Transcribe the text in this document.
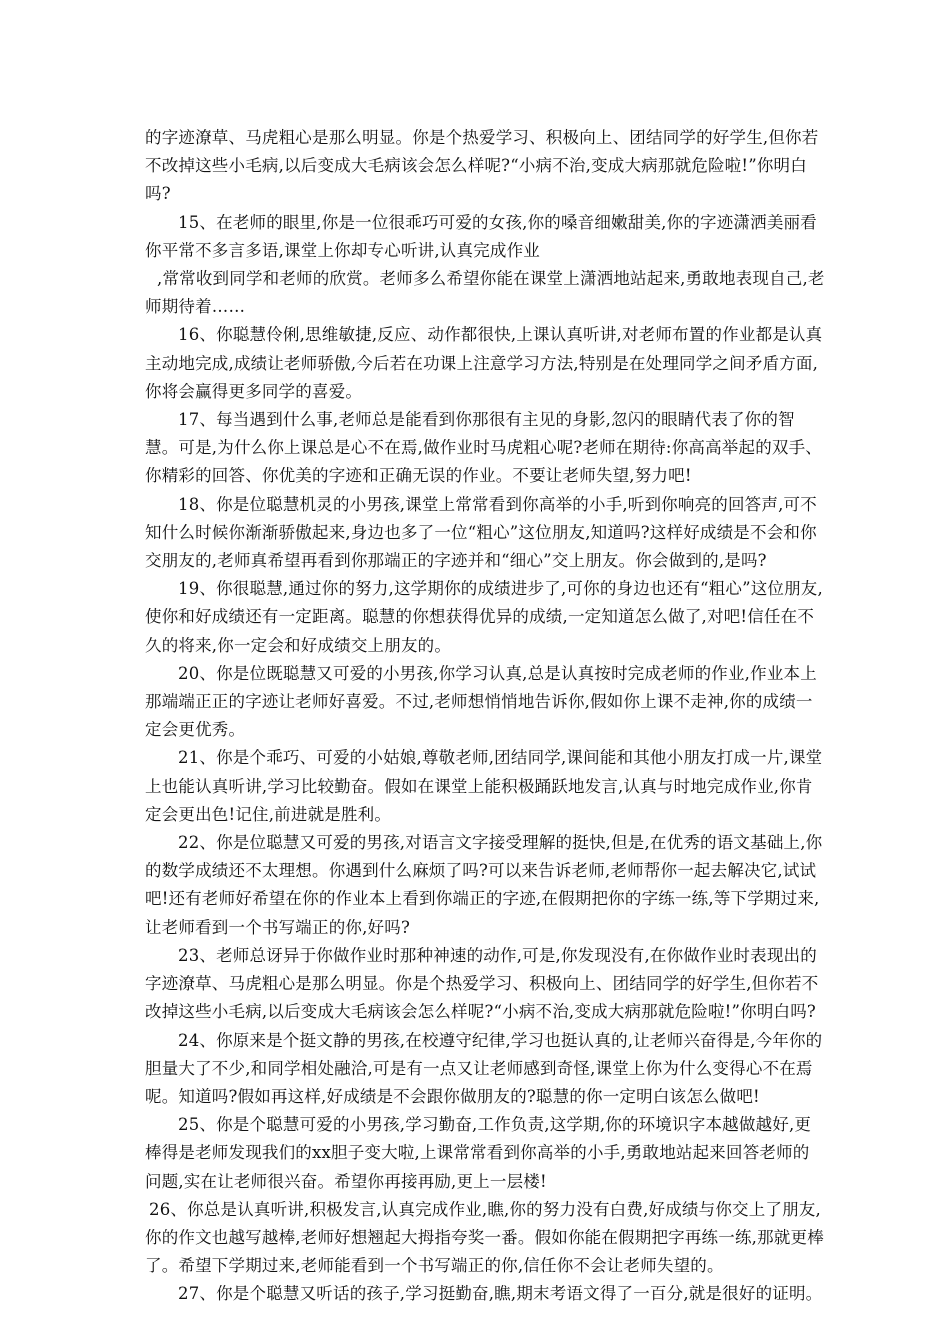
的字迹潦草、马虎粗心是那么明显。你是个热爱学习、积极向上、团结同学的好学生,但你若不改掉这些小毛病,以后变成大毛病该会怎么样呢?“小病不治,变成大病那就危险啦!”你明白吗?

15、在老师的眼里,你是一位很乖巧可爱的女孩,你的嗓音细嫩甜美,你的字迹潇洒美丽看你平常不多言多语,课堂上你却专心听讲,认真完成作业

,常常收到同学和老师的欣赏。老师多么希望你能在课堂上潇洒地站起来,勇敢地表现自己,老师期待着……

16、你聪慧伶俐,思维敏捷,反应、动作都很快,上课认真听讲,对老师布置的作业都是认真主动地完成,成绩让老师骄傲,今后若在功课上注意学习方法,特别是在处理同学之间矛盾方面,你将会赢得更多同学的喜爱。

17、每当遇到什么事,老师总是能看到你那很有主见的身影,忽闪的眼睛代表了你的智慧。可是,为什么你上课总是心不在焉,做作业时马虎粗心呢?老师在期待:你高高举起的双手、你精彩的回答、你优美的字迹和正确无误的作业。不要让老师失望,努力吧!

18、你是位聪慧机灵的小男孩,课堂上常常看到你高举的小手,听到你响亮的回答声,可不知什么时候你渐渐骄傲起来,身边也多了一位“粗心”这位朋友,知道吗?这样好成绩是不会和你交朋友的,老师真希望再看到你那端正的字迹并和“细心”交上朋友。你会做到的,是吗?

19、你很聪慧,通过你的努力,这学期你的成绩进步了,可你的身边也还有“粗心”这位朋友,使你和好成绩还有一定距离。聪慧的你想获得优异的成绩,一定知道怎么做了,对吧!信任在不久的将来,你一定会和好成绩交上朋友的。

20、你是位既聪慧又可爱的小男孩,你学习认真,总是认真按时完成老师的作业,作业本上那端端正正的字迹让老师好喜爱。不过,老师想悄悄地告诉你,假如你上课不走神,你的成绩一定会更优秀。

21、你是个乖巧、可爱的小姑娘,尊敬老师,团结同学,课间能和其他小朋友打成一片,课堂上也能认真听讲,学习比较勤奋。假如在课堂上能积极踊跃地发言,认真与时地完成作业,你肯定会更出色!记住,前进就是胜利。

22、你是位聪慧又可爱的男孩,对语言文字接受理解的挺快,但是,在优秀的语文基础上,你的数学成绩还不太理想。你遇到什么麻烦了吗?可以来告诉老师,老师帮你一起去解决它,试试吧!还有老师好希望在你的作业本上看到你端正的字迹,在假期把你的字练一练,等下学期过来,让老师看到一个书写端正的你,好吗?

23、老师总讶异于你做作业时那种神速的动作,可是,你发现没有,在你做作业时表现出的字迹潦草、马虎粗心是那么明显。你是个热爱学习、积极向上、团结同学的好学生,但你若不改掉这些小毛病,以后变成大毛病该会怎么样呢?“小病不治,变成大病那就危险啦!”你明白吗?

24、你原来是个挺文静的男孩,在校遵守纪律,学习也挺认真的,让老师兴奋得是,今年你的胆量大了不少,和同学相处融洽,可是有一点又让老师感到奇怪,课堂上你为什么变得心不在焉呢。知道吗?假如再这样,好成绩是不会跟你做朋友的?聪慧的你一定明白该怎么做吧!

25、你是个聪慧可爱的小男孩,学习勤奋,工作负责,这学期,你的环境识字本越做越好,更棒得是老师发现我们的xx胆子变大啦,上课常常看到你高举的小手,勇敢地站起来回答老师的问题,实在让老师很兴奋。希望你再接再励,更上一层楼!

26、你总是认真听讲,积极发言,认真完成作业,瞧,你的努力没有白费,好成绩与你交上了朋友,你的作文也越写越棒,老师好想翘起大拇指夸奖一番。假如你能在假期把字再练一练,那就更棒了。希望下学期过来,老师能看到一个书写端正的你,信任你不会让老师失望的。

27、你是个聪慧又听话的孩子,学习挺勤奋,瞧,期末考语文得了一百分,就是很好的证明。
